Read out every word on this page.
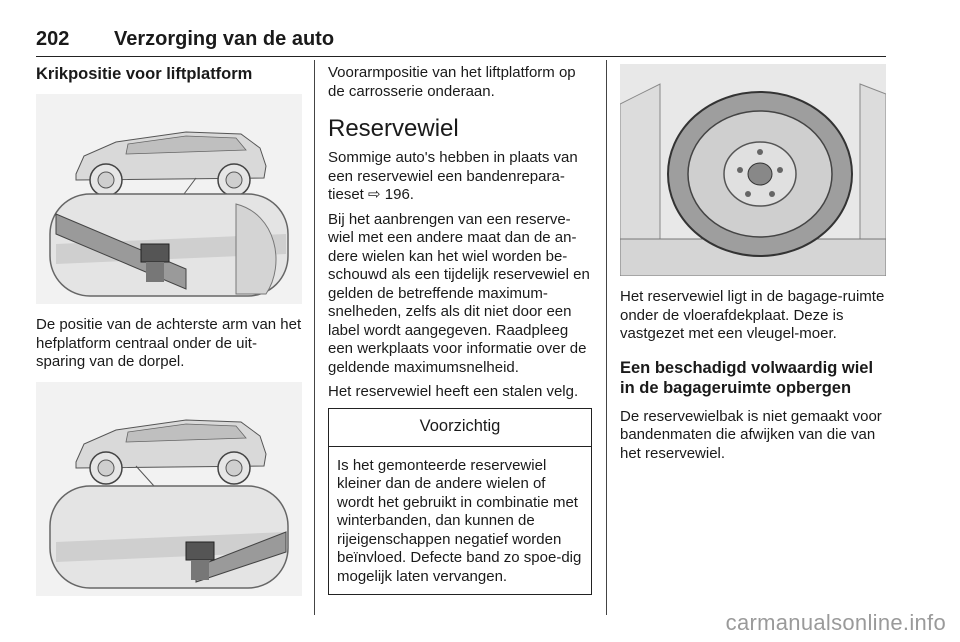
202 Verzorging van de auto
Krikpositie voor liftplatform

De positie van de achterste arm van het hefplatform centraal onder de uit-sparing van de dorpel.

Voorarmpositie van het liftplatform op de carrosserie onderaan.

Reservewiel

Sommige auto's hebben in plaats van een reservewiel een bandenrepara-tieset ⇨ 196.

Bij het aanbrengen van een reserve-wiel met een andere maat dan de an-dere wielen kan het wiel worden be-schouwd als een tijdelijk reservewiel en gelden de betreffende maximum-snelheden, zelfs als dit niet door een label wordt aangegeven. Raadpleeg een werkplaats voor informatie over de geldende maximumsnelheid.

Het reservewiel heeft een stalen velg.

Voorzichtig
Is het gemonteerde reservewiel kleiner dan de andere wielen of wordt het gebruikt in combinatie met winterbanden, dan kunnen de rijeigenschappen negatief worden beïnvloed. Defecte band zo spoe-dig mogelijk laten vervangen.

Het reservewiel ligt in de bagage-ruimte onder de vloerafdekplaat. Deze is vastgezet met een vleugel-moer.

Een beschadigd volwaardig wiel in de bagageruimte opbergen

De reservewielbak is niet gemaakt voor bandenmaten die afwijken van die van het reservewiel.

carmanualsonline.info
